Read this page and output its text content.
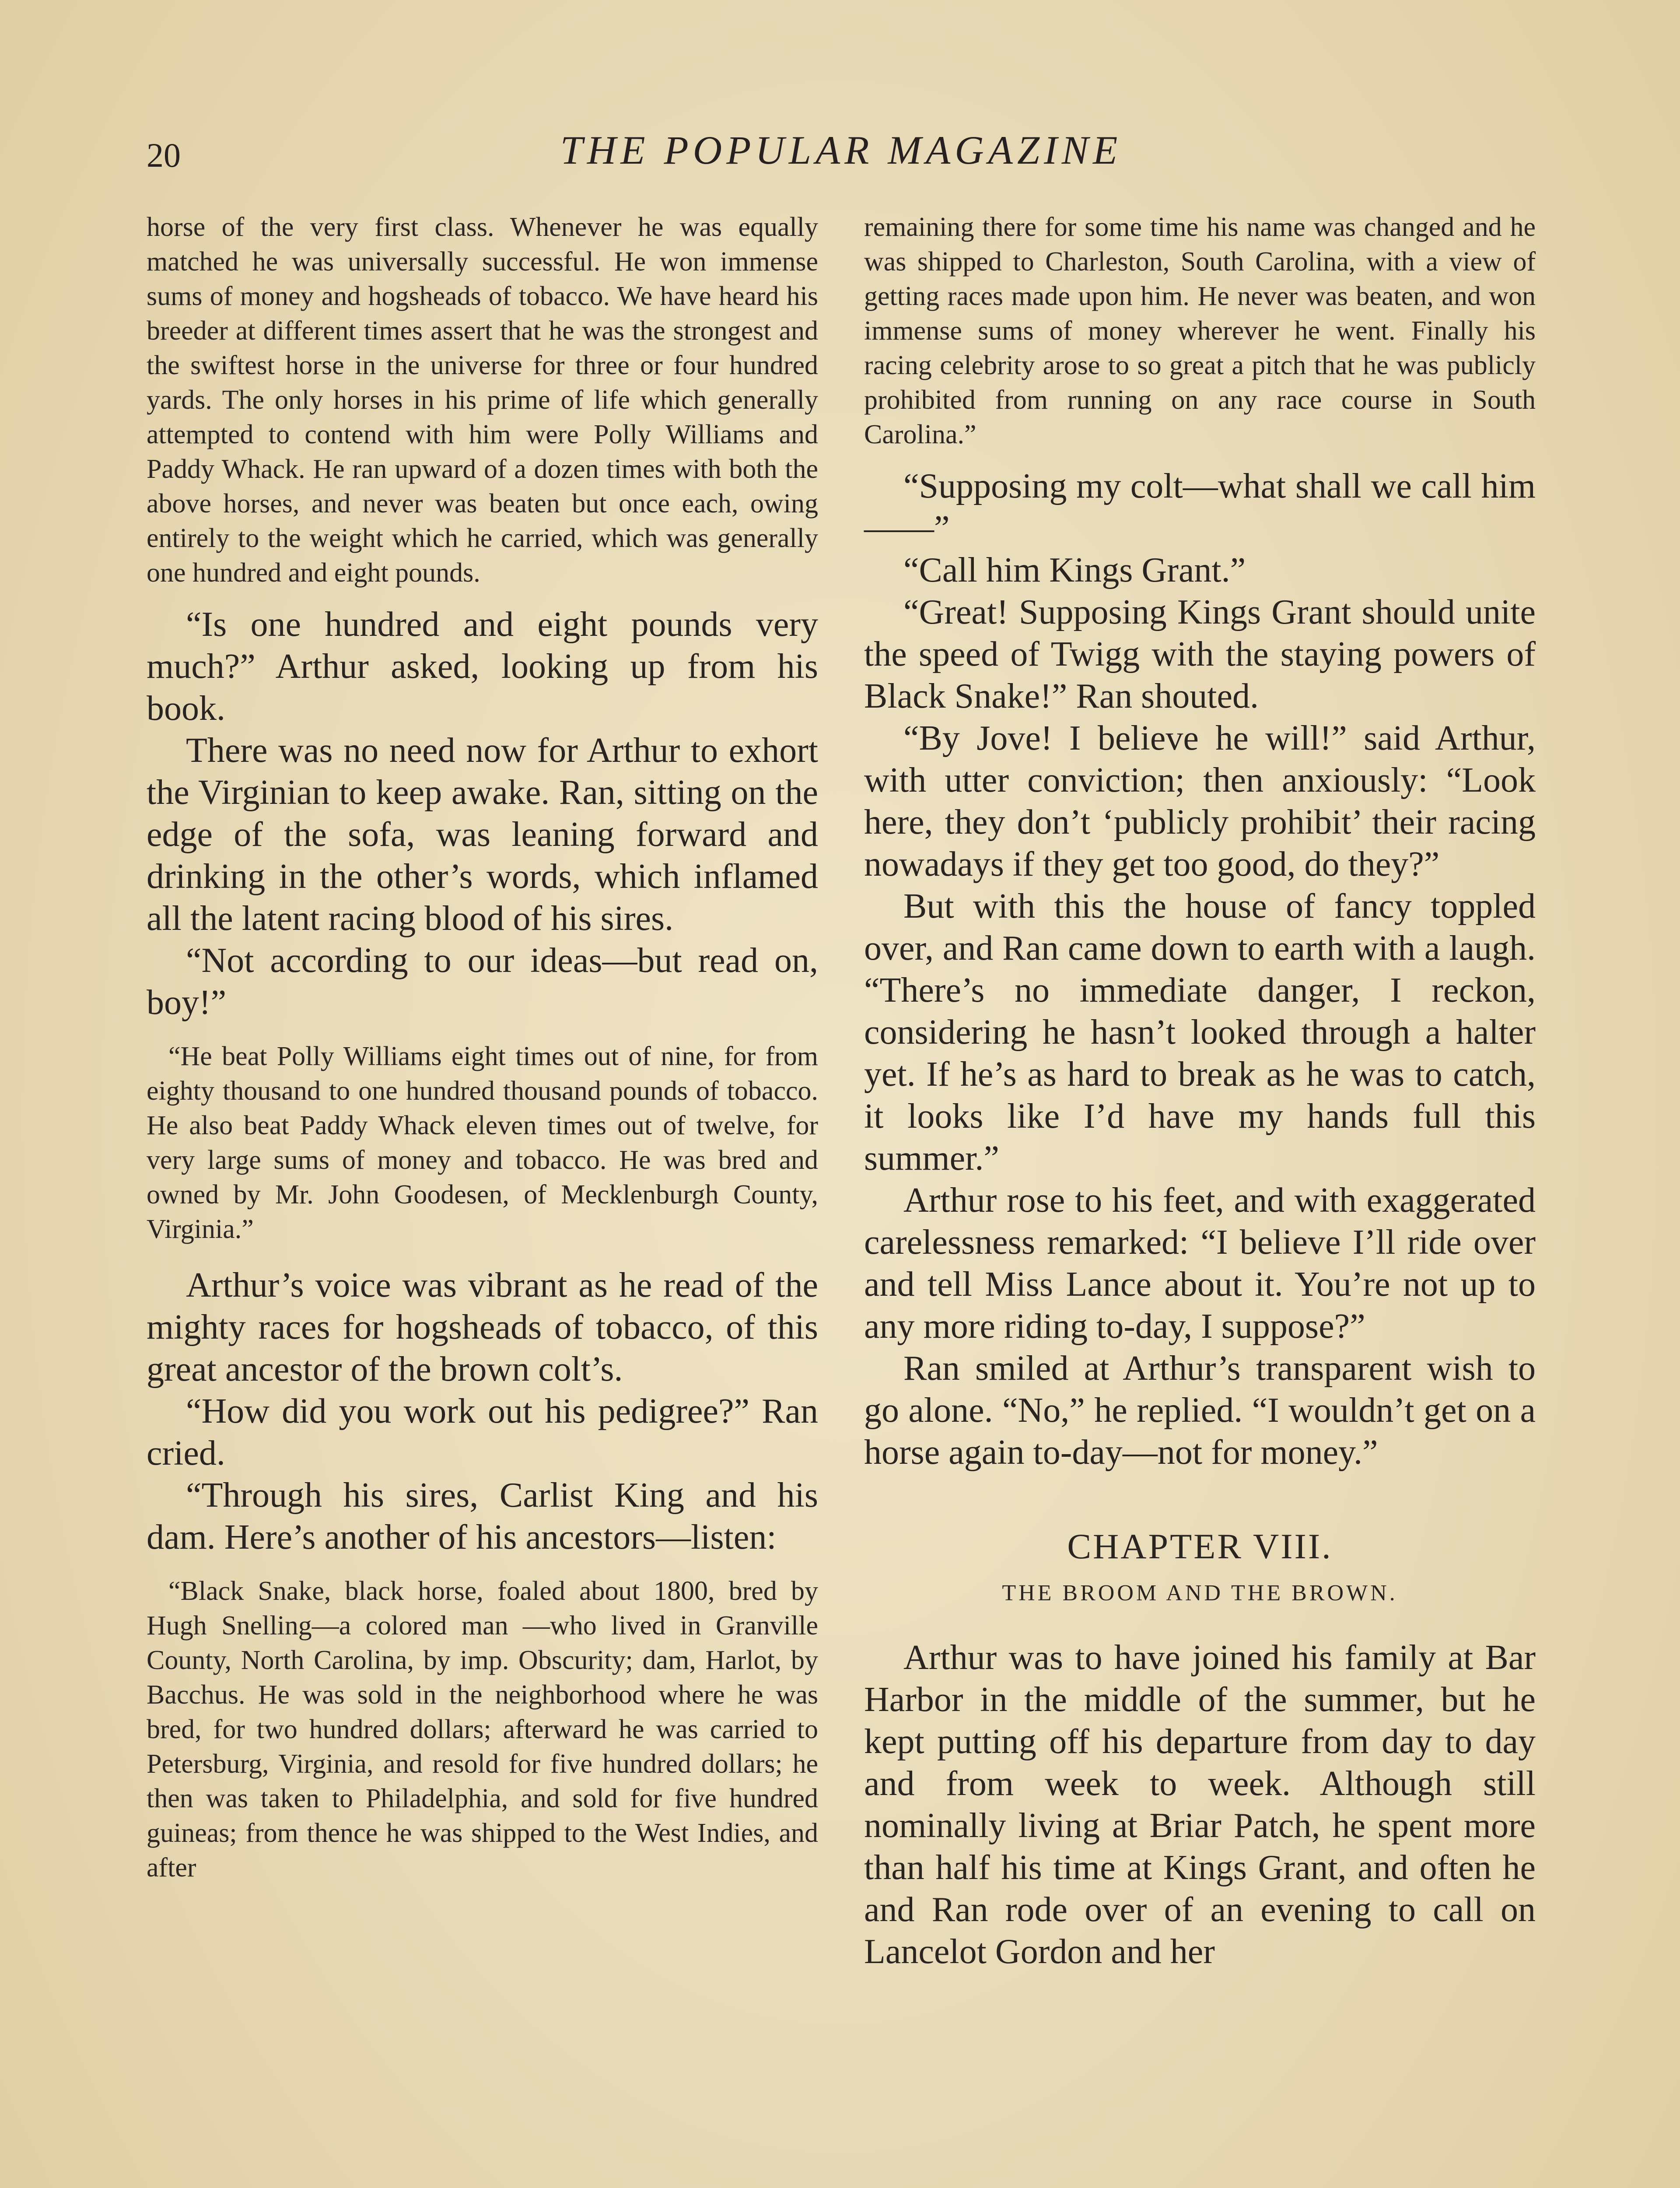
20	THE POPULAR MAGAZINE

horse of the very first class. Whenever he was equally matched he was universally successful. He won immense sums of money and hogsheads of tobacco. We have heard his breeder at different times assert that he was the strongest and the swiftest horse in the universe for three or four hundred yards. The only horses in his prime of life which generally attempted to contend with him were Polly Williams and Paddy Whack. He ran upward of a dozen times with both the above horses, and never was beaten but once each, owing entirely to the weight which he carried, which was generally one hundred and eight pounds.

“Is one hundred and eight pounds very much?” Arthur asked, looking up from his book.

There was no need now for Arthur to exhort the Virginian to keep awake. Ran, sitting on the edge of the sofa, was leaning forward and drinking in the other’s words, which inflamed all the latent racing blood of his sires.

“Not according to our ideas—but read on, boy!”

“He beat Polly Williams eight times out of nine, for from eighty thousand to one hundred thousand pounds of tobacco. He also beat Paddy Whack eleven times out of twelve, for very large sums of money and tobacco. He was bred and owned by Mr. John Goodesen, of Mecklenburgh County, Virginia.”

Arthur’s voice was vibrant as he read of the mighty races for hogsheads of tobacco, of this great ancestor of the brown colt’s.

“How did you work out his pedigree?” Ran cried.

“Through his sires, Carlist King and his dam. Here’s another of his ancestors—listen:

“Black Snake, black horse, foaled about 1800, bred by Hugh Snelling—a colored man —who lived in Granville County, North Carolina, by imp. Obscurity; dam, Harlot, by Bacchus. He was sold in the neighborhood where he was bred, for two hundred dollars; afterward he was carried to Petersburg, Virginia, and resold for five hundred dollars; he then was taken to Philadelphia, and sold for five hundred guineas; from thence he was shipped to the West Indies, and after

remaining there for some time his name was changed and he was shipped to Charleston, South Carolina, with a view of getting races made upon him. He never was beaten, and won immense sums of money wherever he went. Finally his racing celebrity arose to so great a pitch that he was publicly prohibited from running on any race course in South Carolina.”

“Supposing my colt—what shall we call him——”

“Call him Kings Grant.”

“Great! Supposing Kings Grant should unite the speed of Twigg with the staying powers of Black Snake!” Ran shouted.

“By Jove! I believe he will!” said Arthur, with utter conviction; then anxiously: “Look here, they don’t ‘publicly prohibit’ their racing nowadays if they get too good, do they?”

But with this the house of fancy toppled over, and Ran came down to earth with a laugh. “There’s no immediate danger, I reckon, considering he hasn’t looked through a halter yet. If he’s as hard to break as he was to catch, it looks like I’d have my hands full this summer.”

Arthur rose to his feet, and with exaggerated carelessness remarked: “I believe I’ll ride over and tell Miss Lance about it. You’re not up to any more riding to-day, I suppose?”

Ran smiled at Arthur’s transparent wish to go alone. “No,” he replied. “I wouldn’t get on a horse again to-day—not for money.”

CHAPTER VIII.
THE BROOM AND THE BROWN.

Arthur was to have joined his family at Bar Harbor in the middle of the summer, but he kept putting off his departure from day to day and from week to week. Although still nominally living at Briar Patch, he spent more than half his time at Kings Grant, and often he and Ran rode over of an evening to call on Lancelot Gordon and her
